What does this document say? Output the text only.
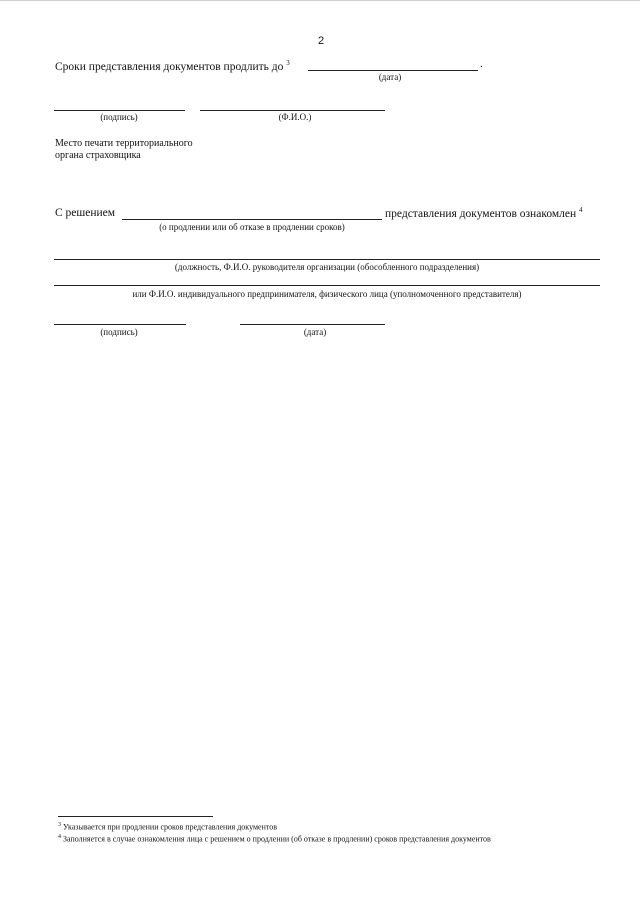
2
Сроки представления документов продлить до $^3$	.
(дата)
(подпись)	(Ф.И.О.)
Место печати территориального
органа страховщика
С решением	представления документов ознакомлен $^4$
(о продлении или об отказе в продлении сроков)
(должность, Ф.И.О. руководителя организации (обособленного подразделения)
или Ф.И.О. индивидуального предпринимателя, физического лица (уполномоченного представителя)
(подпись)	(дата)
$^3$ Указывается при продлении сроков представления документов
$^4$ Заполняется в случае ознакомления лица с решением о продлении (об отказе в продлении) сроков представления документов
